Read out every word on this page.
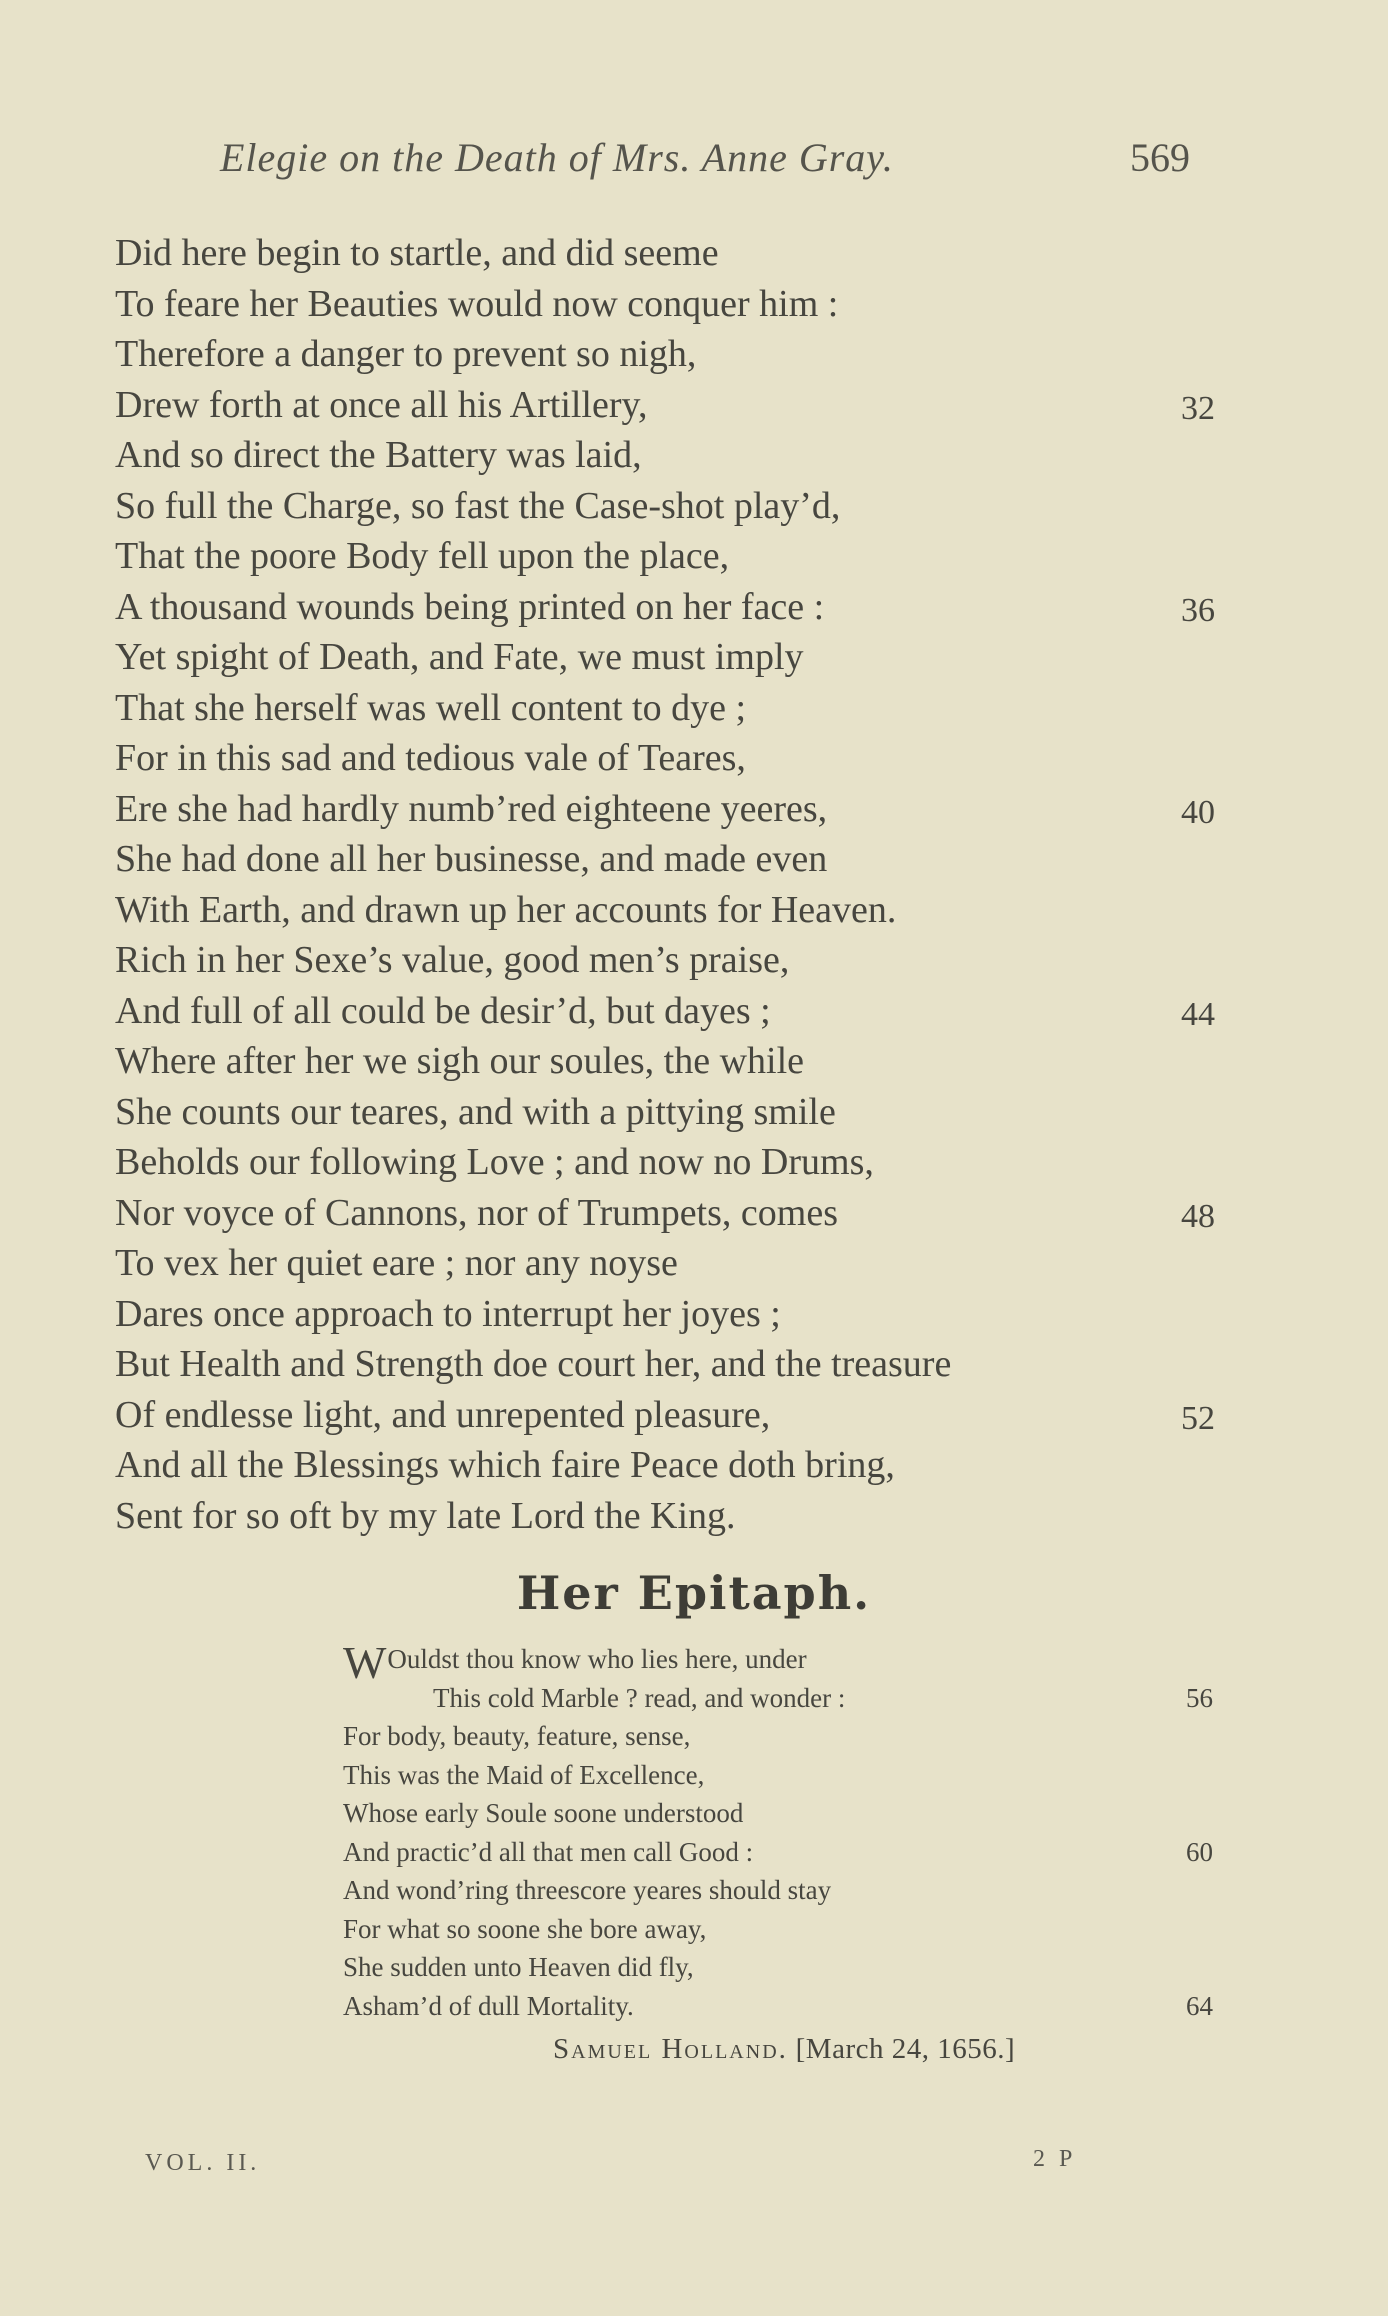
Elegie on the Death of Mrs. Anne Gray.	569
Did here begin to startle, and did seeme
To feare her Beauties would now conquer him :
Therefore a danger to prevent so nigh,
Drew forth at once all his Artillery,	32
And so direct the Battery was laid,
So full the Charge, so fast the Case-shot play’d,
That the poore Body fell upon the place,
A thousand wounds being printed on her face :	36
Yet spight of Death, and Fate, we must imply
That she herself was well content to dye ;
For in this sad and tedious vale of Teares,
Ere she had hardly numb’red eighteene yeeres,	40
She had done all her businesse, and made even
With Earth, and drawn up her accounts for Heaven.
Rich in her Sexe’s value, good men’s praise,
And full of all could be desir’d, but dayes ;	44
Where after her we sigh our soules, the while
She counts our teares, and with a pittying smile
Beholds our following Love ; and now no Drums,
Nor voyce of Cannons, nor of Trumpets, comes	48
To vex her quiet eare ; nor any noyse
Dares once approach to interrupt her joyes ;
But Health and Strength doe court her, and the treasure
Of endlesse light, and unrepented pleasure,	52
And all the Blessings which faire Peace doth bring,
Sent for so oft by my late Lord the King.
Her Epitaph.
WOuldst thou know who lies here, under
This cold Marble ? read, and wonder :	56
For body, beauty, feature, sense,
This was the Maid of Excellence,
Whose early Soule soone understood
And practic’d all that men call Good :	60
And wond’ring threescore yeares should stay
For what so soone she bore away,
She sudden unto Heaven did fly,
Asham’d of dull Mortality.	64
Samuel Holland. [March 24, 1656.]
VOL. II.	2 P
